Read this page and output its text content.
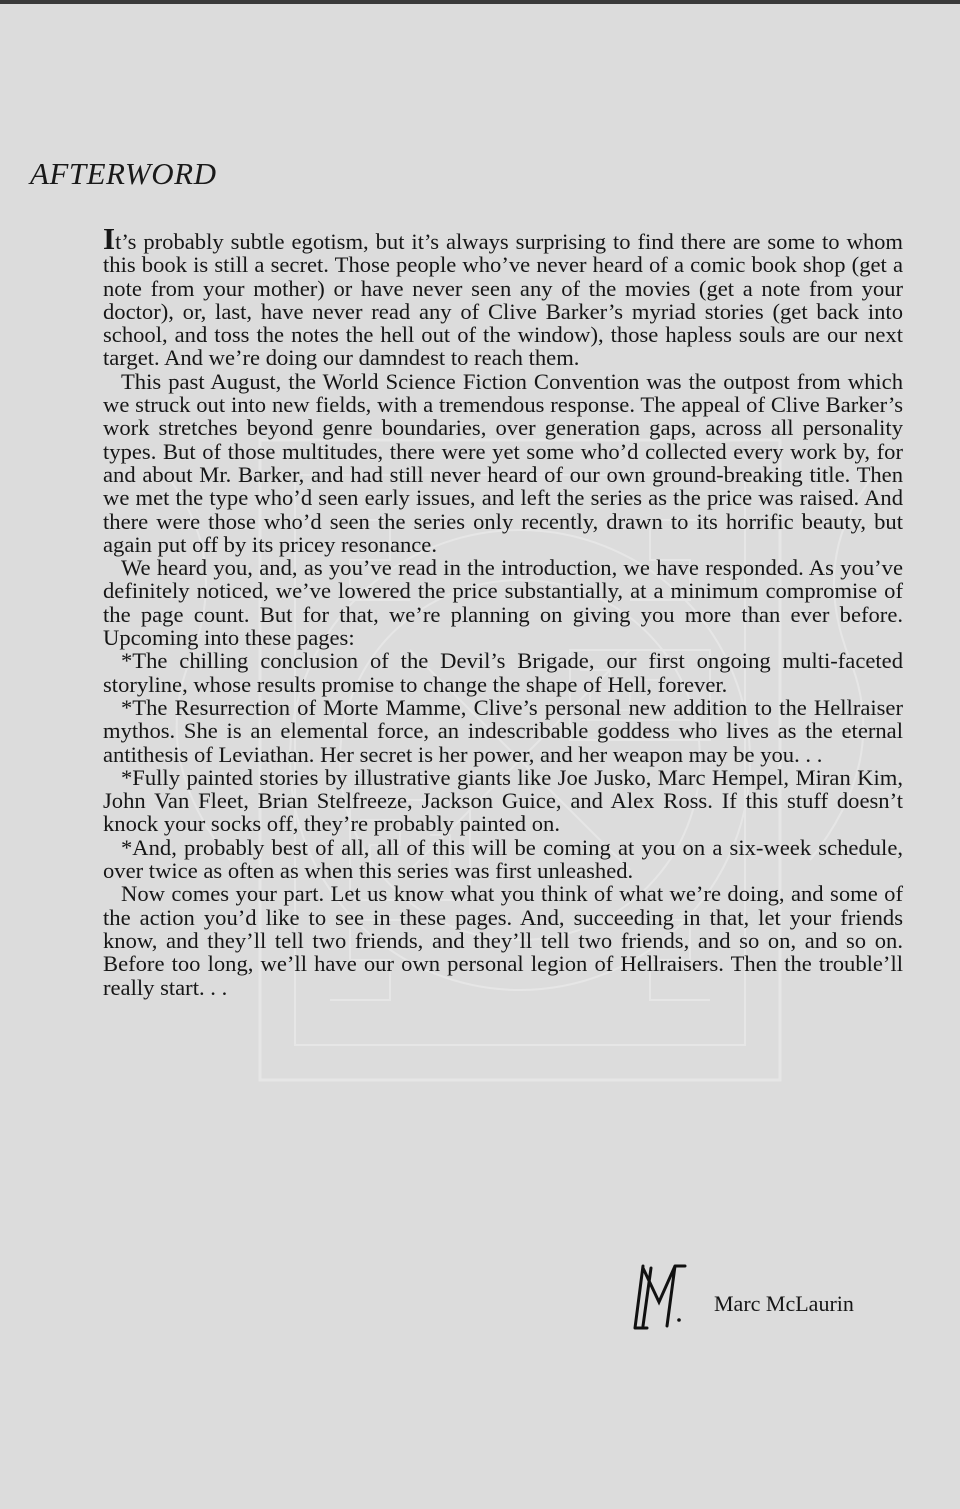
AFTERWORD

It’s probably subtle egotism, but it’s always surprising to find there are some to whom this book is still a secret. Those people who’ve never heard of a comic book shop (get a note from your mother) or have never seen any of the movies (get a note from your doctor), or, last, have never read any of Clive Barker’s myriad stories (get back into school, and toss the notes the hell out of the window), those hapless souls are our next target. And we’re doing our damndest to reach them.

This past August, the World Science Fiction Convention was the outpost from which we struck out into new fields, with a tremendous response. The appeal of Clive Barker’s work stretches beyond genre boundaries, over generation gaps, across all personality types. But of those multitudes, there were yet some who’d collected every work by, for and about Mr. Barker, and had still never heard of our own ground-breaking title. Then we met the type who’d seen early issues, and left the series as the price was raised. And there were those who’d seen the series only recently, drawn to its horrific beauty, but again put off by its pricey resonance.

We heard you, and, as you’ve read in the introduction, we have responded. As you’ve definitely noticed, we’ve lowered the price substantially, at a minimum compromise of the page count. But for that, we’re planning on giving you more than ever before. Upcoming into these pages:

*The chilling conclusion of the Devil’s Brigade, our first ongoing multi-faceted storyline, whose results promise to change the shape of Hell, forever.

*The Resurrection of Morte Mamme, Clive’s personal new addition to the Hellraiser mythos. She is an elemental force, an indescribable goddess who lives as the eternal antithesis of Leviathan. Her secret is her power, and her weapon may be you. . .

*Fully painted stories by illustrative giants like Joe Jusko, Marc Hempel, Miran Kim, John Van Fleet, Brian Stelfreeze, Jackson Guice, and Alex Ross. If this stuff doesn’t knock your socks off, they’re probably painted on.

*And, probably best of all, all of this will be coming at you on a six-week schedule, over twice as often as when this series was first unleashed.

Now comes your part. Let us know what you think of what we’re doing, and some of the action you’d like to see in these pages. And, succeeding in that, let your friends know, and they’ll tell two friends, and they’ll tell two friends, and so on, and so on. Before too long, we’ll have our own personal legion of Hellraisers. Then the trouble’ll really start. . .

Marc McLaurin
